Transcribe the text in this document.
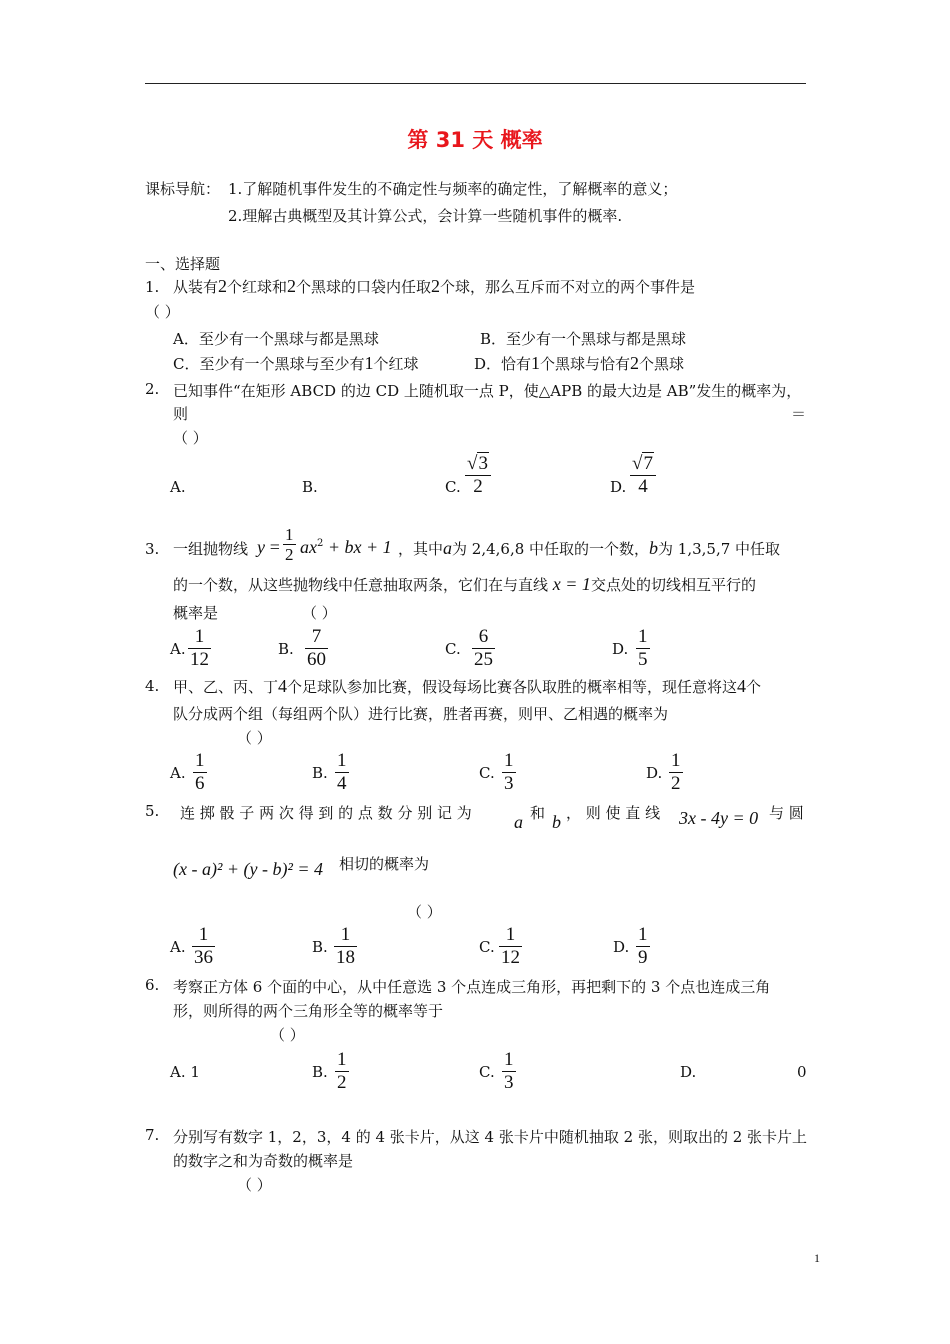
第 31 天 概率
课标导航： 1.了解随机事件发生的不确定性与频率的确定性，了解概率的意义；
2.理解古典概型及其计算公式，会计算一些随机事件的概率.
一、选择题
1. 从装有2个红球和2个黑球的口袋内任取2个球，那么互斥而不对立的两个事件是
（ ）
A．至少有一个黑球与都是黑球	B．至少有一个黑球与都是黑球
C．至少有一个黑球与至少有1个红球	D．恰有1个黑球与恰有2个黑球
2. 已知事件“在矩形 ABCD 的边 CD 上随机取一点 P，使△APB 的最大边是 AB”发生的概率为，
则	＝
（ ）
A.	B.	C. $\frac{√3}{2}$	D. $\frac{√7}{4}$
3. 一组抛物线 $y = \frac{1}{2} ax^2$ + bx + 1 ，其中a为 2,4,6,8 中任取的一个数，b为 1,3,5,7 中任取
的一个数，从这些抛物线中任意抽取两条，它们在与直线 x = 1交点处的切线相互平行的
概率是	（ ）
A. $\frac{1}{12}$	B. $\frac{7}{60}$	C. $\frac{6}{25}$	D. $\frac{1}{5}$
4. 甲、乙、丙、丁4个足球队参加比赛，假设每场比赛各队取胜的概率相等，现任意将这4个
队分成两个组（每组两个队）进行比赛，胜者再赛，则甲、乙相遇的概率为
（ ）
A. $\frac{1}{6}$	B. $\frac{1}{4}$	C. $\frac{1}{3}$	D. $\frac{1}{2}$
5. 连 掷 骰 子 两 次 得 到 的 点 数 分 别 记 为 a 和 b ， 则 使 直 线 3x - 4y = 0 与 圆
(x - a)² + (y - b)² = 4 相切的概率为
（ ）
A. $\frac{1}{36}$	B. $\frac{1}{18}$	C. $\frac{1}{12}$	D. $\frac{1}{9}$
6. 考察正方体 6 个面的中心，从中任意选 3 个点连成三角形，再把剩下的 3 个点也连成三角
形，则所得的两个三角形全等的概率等于
（ ）
A. 1	B. $\frac{1}{2}$	C. $\frac{1}{3}$	D.	0
7. 分别写有数字 1，2，3，4 的 4 张卡片，从这 4 张卡片中随机抽取 2 张，则取出的 2 张卡片上
的数字之和为奇数的概率是
（ ）
1
